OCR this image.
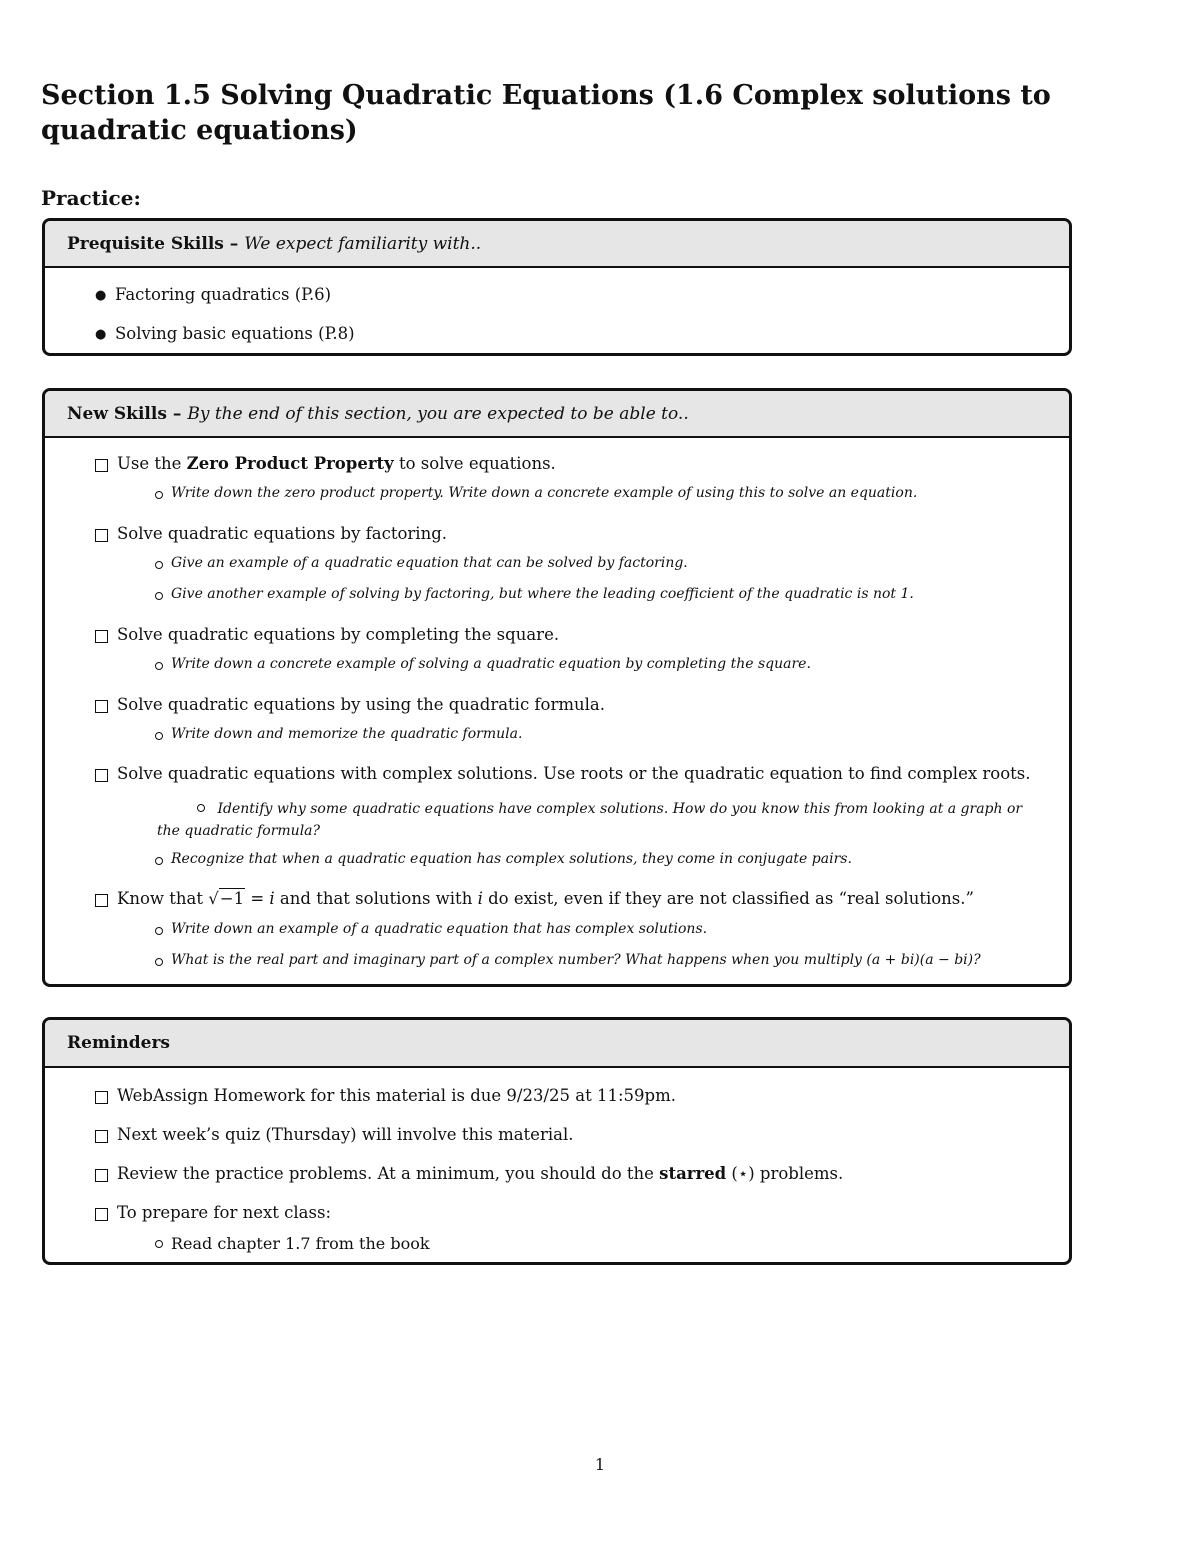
Section 1.5 Solving Quadratic Equations (1.6 Complex solutions to quadratic equations)
Practice:
Prequisite Skills – We expect familiarity with..
● Factoring quadratics (P.6)
● Solving basic equations (P.8)
New Skills – By the end of this section, you are expected to be able to..
Use the Zero Product Property to solve equations.
Write down the zero product property. Write down a concrete example of using this to solve an equation.
Solve quadratic equations by factoring.
Give an example of a quadratic equation that can be solved by factoring.
Give another example of solving by factoring, but where the leading coefficient of the quadratic is not 1.
Solve quadratic equations by completing the square.
Write down a concrete example of solving a quadratic equation by completing the square.
Solve quadratic equations by using the quadratic formula.
Write down and memorize the quadratic formula.
Solve quadratic equations with complex solutions. Use roots or the quadratic equation to find complex roots.
Identify why some quadratic equations have complex solutions. How do you know this from looking at a graph or the quadratic formula?
Recognize that when a quadratic equation has complex solutions, they come in conjugate pairs.
Know that √−1 = i and that solutions with i do exist, even if they are not classified as “real solutions.”
Write down an example of a quadratic equation that has complex solutions.
What is the real part and imaginary part of a complex number? What happens when you multiply (a + bi)(a − bi)?
Reminders
WebAssign Homework for this material is due 9/23/25 at 11:59pm.
Next week’s quiz (Thursday) will involve this material.
Review the practice problems. At a minimum, you should do the starred (⋆) problems.
To prepare for next class:
Read chapter 1.7 from the book
1
